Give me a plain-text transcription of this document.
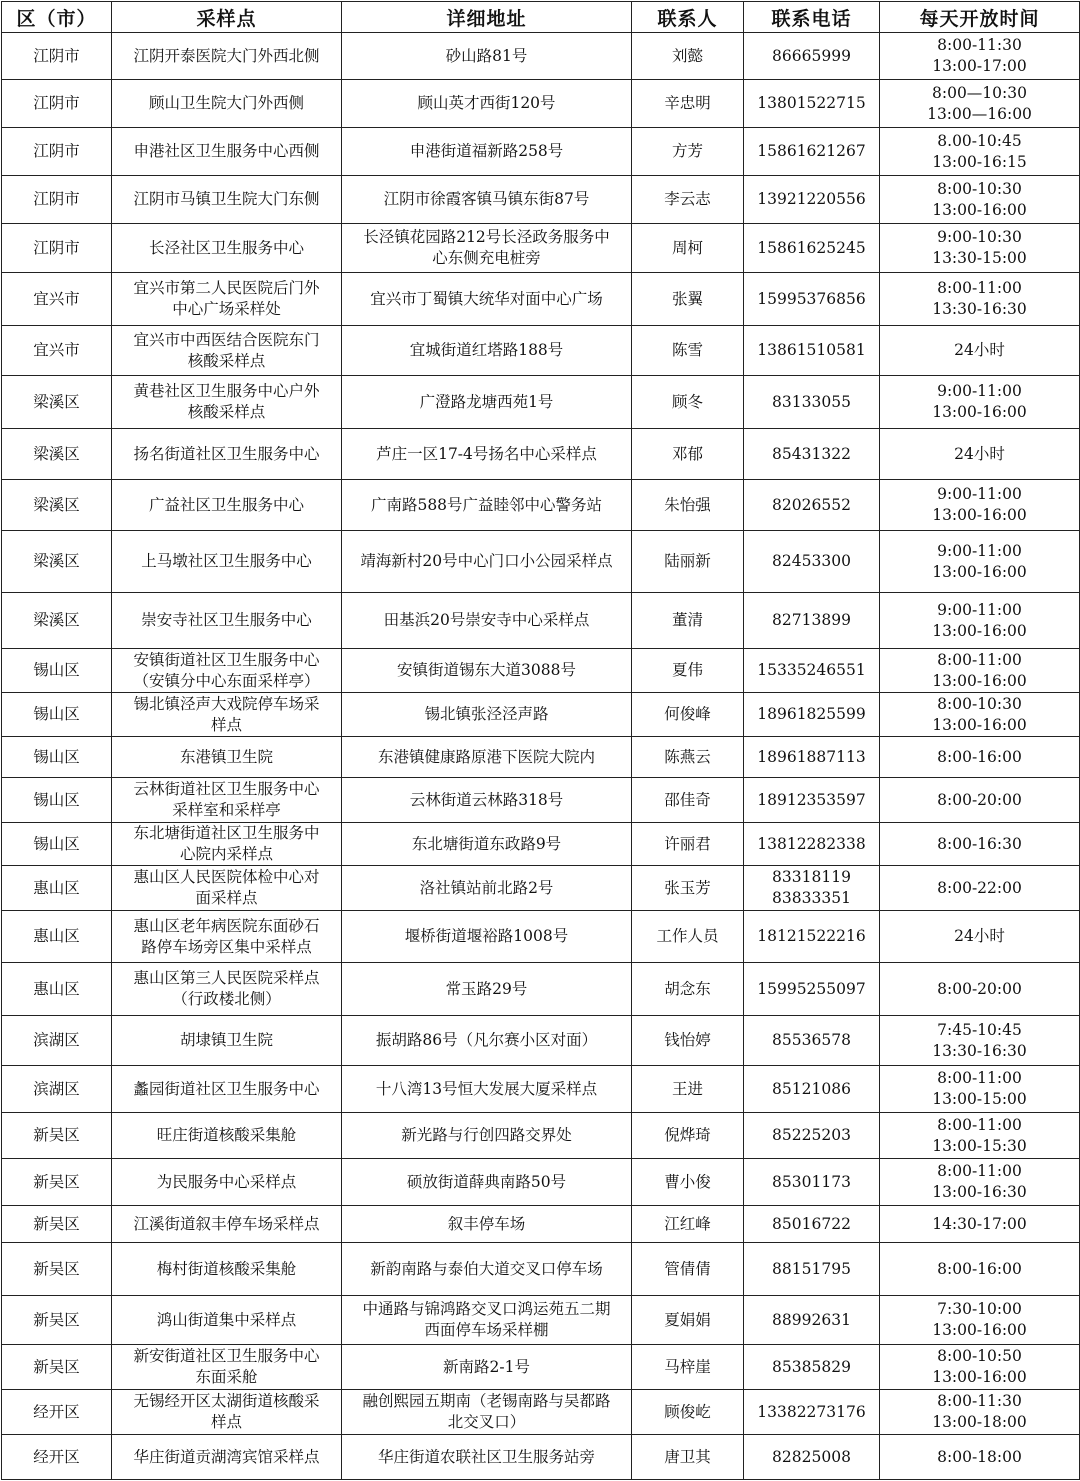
区（市）	采样点	详细地址	联系人	联系电话	每天开放时间
江阴市	江阴开泰医院大门外西北侧	砂山路81号	刘懿	86665999	8:00-11:30
13:00-17:00
江阴市	顾山卫生院大门外西侧	顾山英才西街120号	辛忠明	13801522715	8:00—10:30
13:00—16:00
江阴市	申港社区卫生服务中心西侧	申港街道福新路258号	方芳	15861621267	8.00-10:45
13:00-16:15
江阴市	江阴市马镇卫生院大门东侧	江阴市徐霞客镇马镇东街87号	李云志	13921220556	8:00-10:30
13:00-16:00
江阴市	长泾社区卫生服务中心	长泾镇花园路212号长泾政务服务中
心东侧充电桩旁	周柯	15861625245	9:00-10:30
13:30-15:00
宜兴市	宜兴市第二人民医院后门外
中心广场采样处	宜兴市丁蜀镇大统华对面中心广场	张翼	15995376856	8:00-11:00
13:30-16:30
宜兴市	宜兴市中西医结合医院东门
核酸采样点	宜城街道红塔路188号	陈雪	13861510581	24小时
梁溪区	黄巷社区卫生服务中心户外
核酸采样点	广澄路龙塘西苑1号	顾冬	83133055	9:00-11:00
13:00-16:00
梁溪区	扬名街道社区卫生服务中心	芦庄一区17-4号扬名中心采样点	邓郁	85431322	24小时
梁溪区	广益社区卫生服务中心	广南路588号广益睦邻中心警务站	朱怡强	82026552	9:00-11:00
13:00-16:00
梁溪区	上马墩社区卫生服务中心	靖海新村20号中心门口小公园采样点	陆丽新	82453300	9:00-11:00
13:00-16:00
梁溪区	崇安寺社区卫生服务中心	田基浜20号崇安寺中心采样点	董清	82713899	9:00-11:00
13:00-16:00
锡山区	安镇街道社区卫生服务中心
（安镇分中心东面采样亭）	安镇街道锡东大道3088号	夏伟	15335246551	8:00-11:00
13:00-16:00
锡山区	锡北镇泾声大戏院停车场采
样点	锡北镇张泾泾声路	何俊峰	18961825599	8:00-10:30
13:00-16:00
锡山区	东港镇卫生院	东港镇健康路原港下医院大院内	陈燕云	18961887113	8:00-16:00
锡山区	云林街道社区卫生服务中心
采样室和采样亭	云林街道云林路318号	邵佳奇	18912353597	8:00-20:00
锡山区	东北塘街道社区卫生服务中
心院内采样点	东北塘街道东政路9号	许丽君	13812282338	8:00-16:30
惠山区	惠山区人民医院体检中心对
面采样点	洛社镇站前北路2号	张玉芳	83318119
83833351	8:00-22:00
惠山区	惠山区老年病医院东面砂石
路停车场旁区集中采样点	堰桥街道堰裕路1008号	工作人员	18121522216	24小时
惠山区	惠山区第三人民医院采样点
（行政楼北侧）	常玉路29号	胡念东	15995255097	8:00-20:00
滨湖区	胡埭镇卫生院	振胡路86号（凡尔赛小区对面）	钱怡婷	85536578	7:45-10:45
13:30-16:30
滨湖区	蠡园街道社区卫生服务中心	十八湾13号恒大发展大厦采样点	王进	85121086	8:00-11:00
13:00-15:00
新吴区	旺庄街道核酸采集舱	新光路与行创四路交界处	倪烨琦	85225203	8:00-11:00
13:00-15:30
新吴区	为民服务中心采样点	硕放街道薛典南路50号	曹小俊	85301173	8:00-11:00
13:00-16:30
新吴区	江溪街道叙丰停车场采样点	叙丰停车场	江红峰	85016722	14:30-17:00
新吴区	梅村街道核酸采集舱	新韵南路与泰伯大道交叉口停车场	管倩倩	88151795	8:00-16:00
新吴区	鸿山街道集中采样点	中通路与锦鸿路交叉口鸿运苑五二期
西面停车场采样棚	夏娟娟	88992631	7:30-10:00
13:00-16:00
新吴区	新安街道社区卫生服务中心
东面采舱	新南路2-1号	马梓崖	85385829	8:00-10:50
13:00-16:00
经开区	无锡经开区太湖街道核酸采
样点	融创熙园五期南（老锡南路与吴都路
北交叉口）	顾俊屹	13382273176	8:00-11:30
13:00-18:00
经开区	华庄街道贡湖湾宾馆采样点	华庄街道农联社区卫生服务站旁	唐卫其	82825008	8:00-18:00
